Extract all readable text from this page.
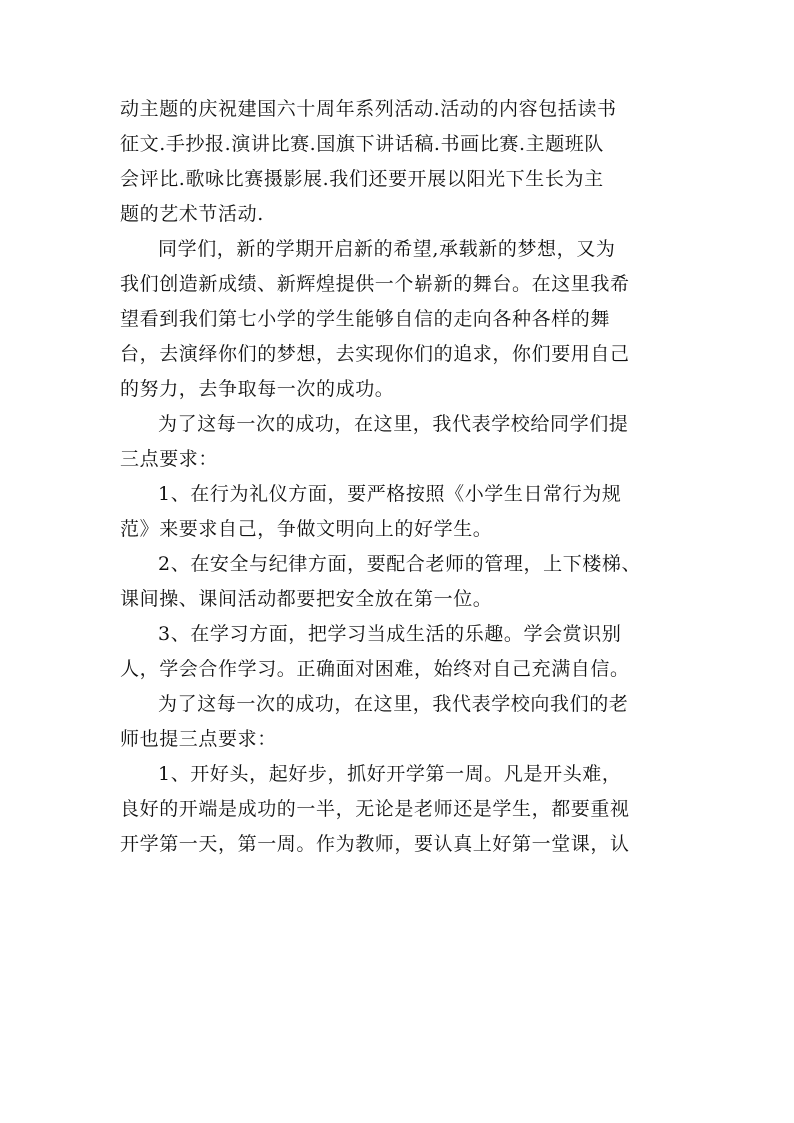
动主题的庆祝建国六十周年系列活动.活动的内容包括读书
征文.手抄报.演讲比赛.国旗下讲话稿.书画比赛.主题班队
会评比.歌咏比赛摄影展.我们还要开展以阳光下生长为主
题的艺术节活动.
同学们，新的学期开启新的希望,承载新的梦想，又为
我们创造新成绩、新辉煌提供一个崭新的舞台。在这里我希
望看到我们第七小学的学生能够自信的走向各种各样的舞
台，去演绎你们的梦想，去实现你们的追求，你们要用自己
的努力，去争取每一次的成功。
为了这每一次的成功，在这里，我代表学校给同学们提
三点要求：
1、在行为礼仪方面，要严格按照《小学生日常行为规
范》来要求自己，争做文明向上的好学生。
2、在安全与纪律方面，要配合老师的管理，上下楼梯、
课间操、课间活动都要把安全放在第一位。
3、在学习方面，把学习当成生活的乐趣。学会赏识别
人，学会合作学习。正确面对困难，始终对自己充满自信。
为了这每一次的成功，在这里，我代表学校向我们的老
师也提三点要求：
1、开好头，起好步，抓好开学第一周。凡是开头难，
良好的开端是成功的一半，无论是老师还是学生，都要重视
开学第一天，第一周。作为教师，要认真上好第一堂课，认
